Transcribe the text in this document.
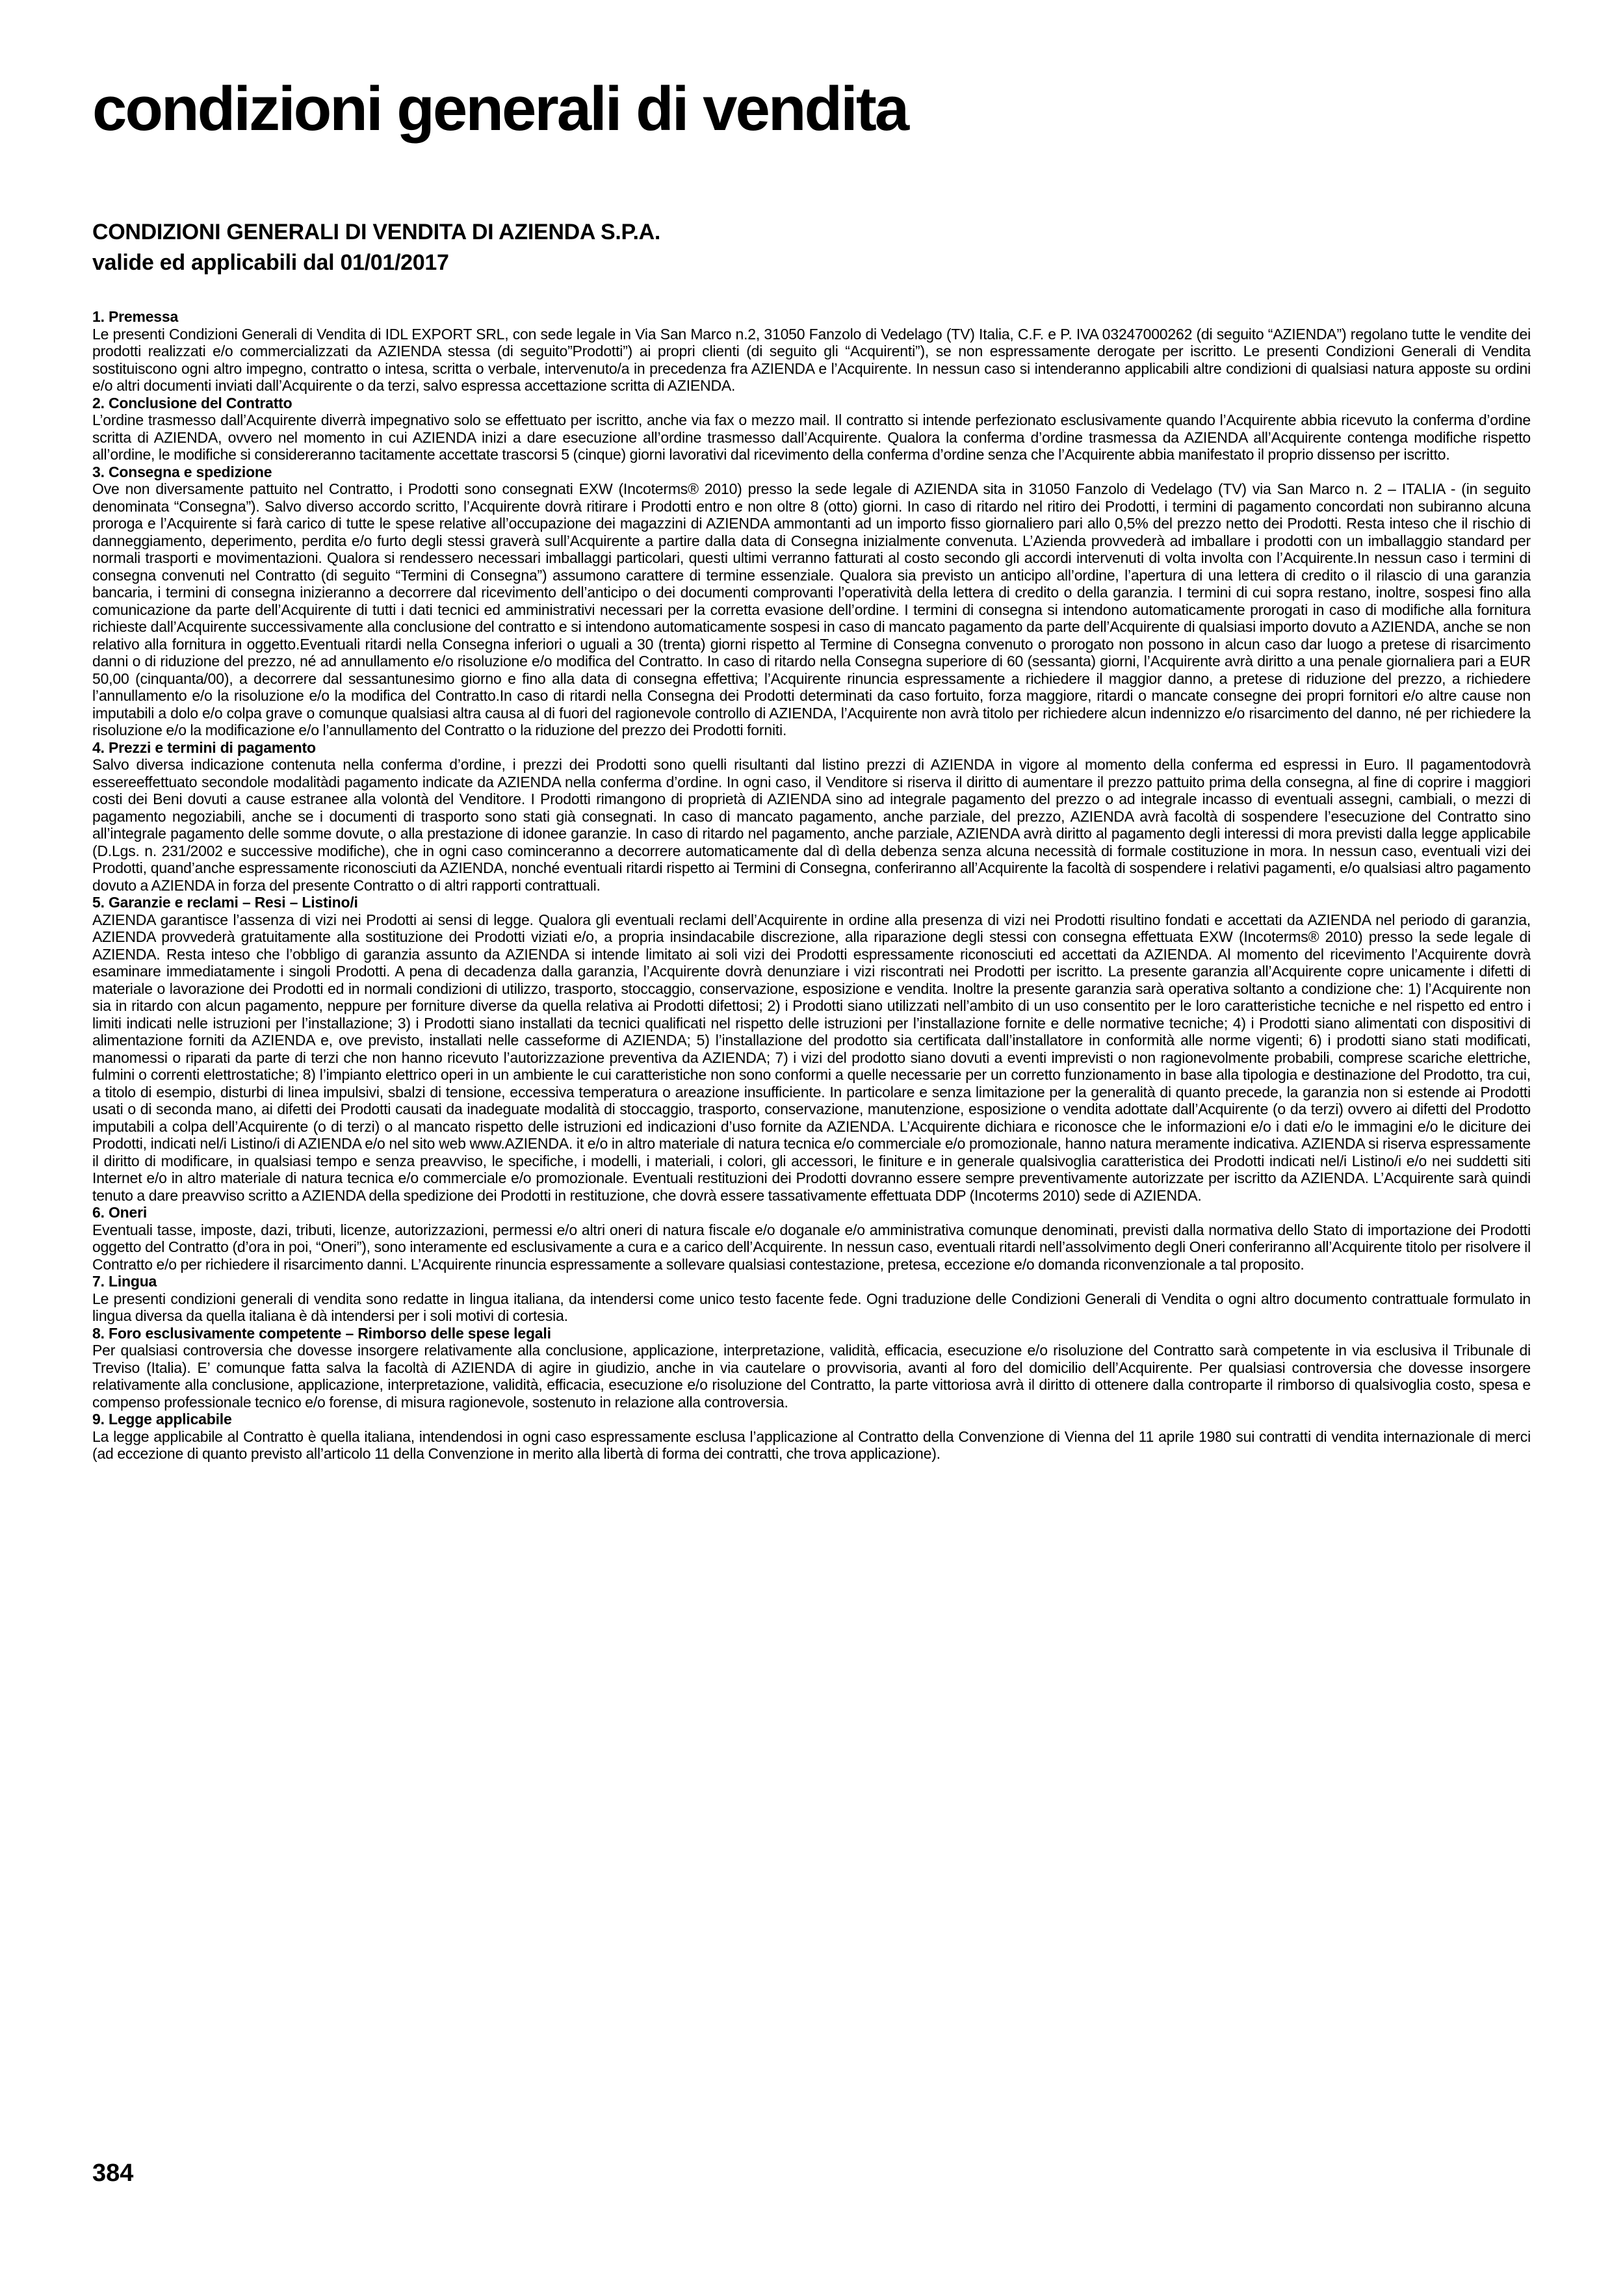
condizioni generali di vendita
CONDIZIONI GENERALI DI VENDITA DI AZIENDA S.P.A.
valide ed applicabili dal 01/01/2017
1. Premessa

Le presenti Condizioni Generali di Vendita di IDL EXPORT SRL, con sede legale in Via San Marco n.2, 31050 Fanzolo di Vedelago (TV) Italia, C.F. e P. IVA 03247000262 (di seguito “AZIENDA”) regolano tutte le vendite dei prodotti realizzati e/o commercializzati da AZIENDA stessa (di seguito”Prodotti”) ai propri clienti (di seguito gli “Acquirenti”), se non espressamente derogate per iscritto. Le presenti Condizioni Generali di Vendita sostituiscono ogni altro impegno, contratto o intesa, scritta o verbale, intervenuto/a in precedenza fra AZIENDA e l’Acquirente. In nessun caso si intenderanno applicabili altre condizioni di qualsiasi natura apposte su ordini e/o altri documenti inviati dall’Acquirente o da terzi, salvo espressa accettazione scritta di AZIENDA.

2. Conclusione del Contratto

L’ordine trasmesso dall’Acquirente diverrà impegnativo solo se effettuato per iscritto, anche via fax o mezzo mail. Il contratto si intende perfezionato esclusivamente quando l’Acquirente abbia ricevuto la conferma d’ordine scritta di AZIENDA, ovvero nel momento in cui AZIENDA inizi a dare esecuzione all’ordine trasmesso dall’Acquirente. Qualora la conferma d’ordine trasmessa da AZIENDA all’Acquirente contenga modifiche rispetto all’ordine, le modifiche si considereranno tacitamente accettate trascorsi 5 (cinque) giorni lavorativi dal ricevimento della conferma d’ordine senza che l’Acquirente abbia manifestato il proprio dissenso per iscritto.

3. Consegna e spedizione

Ove non diversamente pattuito nel Contratto, i Prodotti sono consegnati EXW (Incoterms® 2010) presso la sede legale di AZIENDA sita in 31050 Fanzolo di Vedelago (TV) via San Marco n. 2 – ITALIA - (in seguito denominata “Consegna”). Salvo diverso accordo scritto, l’Acquirente dovrà ritirare i Prodotti entro e non oltre 8 (otto) giorni. In caso di ritardo nel ritiro dei Prodotti, i termini di pagamento concordati non subiranno alcuna proroga e l’Acquirente si farà carico di tutte le spese relative all’occupazione dei magazzini di AZIENDA ammontanti ad un importo fisso giornaliero pari allo 0,5% del prezzo netto dei Prodotti. Resta inteso che il rischio di danneggiamento, deperimento, perdita e/o furto degli stessi graverà sull’Acquirente a partire dalla data di Consegna inizialmente convenuta. L’Azienda provvederà ad imballare i prodotti con un imballaggio standard per normali trasporti e movimentazioni. Qualora si rendessero necessari imballaggi particolari, questi ultimi verranno fatturati al costo secondo gli accordi intervenuti di volta involta con l’Acquirente.In nessun caso i termini di consegna convenuti nel Contratto (di seguito “Termini di Consegna”) assumono carattere di termine essenziale. Qualora sia previsto un anticipo all’ordine, l’apertura di una lettera di credito o il rilascio di una garanzia bancaria, i termini di consegna inizieranno a decorrere dal ricevimento dell’anticipo o dei documenti comprovanti l’operatività della lettera di credito o della garanzia. I termini di cui sopra restano, inoltre, sospesi fino alla comunicazione da parte dell’Acquirente di tutti i dati tecnici ed amministrativi necessari per la corretta evasione dell’ordine. I termini di consegna si intendono automaticamente prorogati in caso di modifiche alla fornitura richieste dall’Acquirente successivamente alla conclusione del contratto e si intendono automaticamente sospesi in caso di mancato pagamento da parte dell’Acquirente di qualsiasi importo dovuto a AZIENDA, anche se non relativo alla fornitura in oggetto.Eventuali ritardi nella Consegna inferiori o uguali a 30 (trenta) giorni rispetto al Termine di Consegna convenuto o prorogato non possono in alcun caso dar luogo a pretese di risarcimento danni o di riduzione del prezzo, né ad annullamento e/o risoluzione e/o modifica del Contratto. In caso di ritardo nella Consegna superiore di 60 (sessanta) giorni, l’Acquirente avrà diritto a una penale giornaliera pari a EUR 50,00 (cinquanta/00), a decorrere dal sessantunesimo giorno e fino alla data di consegna effettiva; l’Acquirente rinuncia espressamente a richiedere il maggior danno, a pretese di riduzione del prezzo, a richiedere l’annullamento e/o la risoluzione e/o la modifica del Contratto.In caso di ritardi nella Consegna dei Prodotti determinati da caso fortuito, forza maggiore, ritardi o mancate consegne dei propri fornitori e/o altre cause non imputabili a dolo e/o colpa grave o comunque qualsiasi altra causa al di fuori del ragionevole controllo di AZIENDA, l’Acquirente non avrà titolo per richiedere alcun indennizzo e/o risarcimento del danno, né per richiedere la risoluzione e/o la modificazione e/o l’annullamento del Contratto o la riduzione del prezzo dei Prodotti forniti.

4. Prezzi e termini di pagamento

Salvo diversa indicazione contenuta nella conferma d’ordine, i prezzi dei Prodotti sono quelli risultanti dal listino prezzi di AZIENDA in vigore al momento della conferma ed espressi in Euro. Il pagamentodovrà essereeffettuato secondole modalitàdi pagamento indicate da AZIENDA nella conferma d’ordine. In ogni caso, il Venditore si riserva il diritto di aumentare il prezzo pattuito prima della consegna, al fine di coprire i maggiori costi dei Beni dovuti a cause estranee alla volontà del Venditore. I Prodotti rimangono di proprietà di AZIENDA sino ad integrale pagamento del prezzo o ad integrale incasso di eventuali assegni, cambiali, o mezzi di pagamento negoziabili, anche se i documenti di trasporto sono stati già consegnati. In caso di mancato pagamento, anche parziale, del prezzo, AZIENDA avrà facoltà di sospendere l’esecuzione del Contratto sino all’integrale pagamento delle somme dovute, o alla prestazione di idonee garanzie. In caso di ritardo nel pagamento, anche parziale, AZIENDA avrà diritto al pagamento degli interessi di mora previsti dalla legge applicabile (D.Lgs. n. 231/2002 e successive modifiche), che in ogni caso cominceranno a decorrere automaticamente dal dì della debenza senza alcuna necessità di formale costituzione in mora. In nessun caso, eventuali vizi dei Prodotti, quand’anche espressamente riconosciuti da AZIENDA, nonché eventuali ritardi rispetto ai Termini di Consegna, conferiranno all’Acquirente la facoltà di sospendere i relativi pagamenti, e/o qualsiasi altro pagamento dovuto a AZIENDA in forza del presente Contratto o di altri rapporti contrattuali.

5. Garanzie e reclami – Resi – Listino/i

AZIENDA garantisce l’assenza di vizi nei Prodotti ai sensi di legge. Qualora gli eventuali reclami dell’Acquirente in ordine alla presenza di vizi nei Prodotti risultino fondati e accettati da AZIENDA nel periodo di garanzia, AZIENDA provvederà gratuitamente alla sostituzione dei Prodotti viziati e/o, a propria insindacabile discrezione, alla riparazione degli stessi con consegna effettuata EXW (Incoterms® 2010) presso la sede legale di AZIENDA. Resta inteso che l’obbligo di garanzia assunto da AZIENDA si intende limitato ai soli vizi dei Prodotti espressamente riconosciuti ed accettati da AZIENDA. Al momento del ricevimento l’Acquirente dovrà esaminare immediatamente i singoli Prodotti. A pena di decadenza dalla garanzia, l’Acquirente dovrà denunziare i vizi riscontrati nei Prodotti per iscritto. La presente garanzia all’Acquirente copre unicamente i difetti di materiale o lavorazione dei Prodotti ed in normali condizioni di utilizzo, trasporto, stoccaggio, conservazione, esposizione e vendita. Inoltre la presente garanzia sarà operativa soltanto a condizione che: 1) l’Acquirente non sia in ritardo con alcun pagamento, neppure per forniture diverse da quella relativa ai Prodotti difettosi; 2) i Prodotti siano utilizzati nell’ambito di un uso consentito per le loro caratteristiche tecniche e nel rispetto ed entro i limiti indicati nelle istruzioni per l’installazione; 3) i Prodotti siano installati da tecnici qualificati nel rispetto delle istruzioni per l’installazione fornite e delle normative tecniche; 4) i Prodotti siano alimentati con dispositivi di alimentazione forniti da AZIENDA e, ove previsto, installati nelle casseforme di AZIENDA; 5) l’installazione del prodotto sia certificata dall’installatore in conformità alle norme vigenti; 6) i prodotti siano stati modificati, manomessi o riparati da parte di terzi che non hanno ricevuto l’autorizzazione preventiva da AZIENDA; 7) i vizi del prodotto siano dovuti a eventi imprevisti o non ragionevolmente probabili, comprese scariche elettriche, fulmini o correnti elettrostatiche; 8) l’impianto elettrico operi in un ambiente le cui caratteristiche non sono conformi a quelle necessarie per un corretto funzionamento in base alla tipologia e destinazione del Prodotto, tra cui, a titolo di esempio, disturbi di linea impulsivi, sbalzi di tensione, eccessiva temperatura o areazione insufficiente. In particolare e senza limitazione per la generalità di quanto precede, la garanzia non si estende ai Prodotti usati o di seconda mano, ai difetti dei Prodotti causati da inadeguate modalità di stoccaggio, trasporto, conservazione, manutenzione, esposizione o vendita adottate dall’Acquirente (o da terzi) ovvero ai difetti del Prodotto imputabili a colpa dell’Acquirente (o di terzi) o al mancato rispetto delle istruzioni ed indicazioni d’uso fornite da AZIENDA. L’Acquirente dichiara e riconosce che le informazioni e/o i dati e/o le immagini e/o le diciture dei Prodotti, indicati nel/i Listino/i di AZIENDA e/o nel sito web www.AZIENDA. it e/o in altro materiale di natura tecnica e/o commerciale e/o promozionale, hanno natura meramente indicativa. AZIENDA si riserva espressamente il diritto di modificare, in qualsiasi tempo e senza preavviso, le specifiche, i modelli, i materiali, i colori, gli accessori, le finiture e in generale qualsivoglia caratteristica dei Prodotti indicati nel/i Listino/i e/o nei suddetti siti Internet e/o in altro materiale di natura tecnica e/o commerciale e/o promozionale. Eventuali restituzioni dei Prodotti dovranno essere sempre preventivamente autorizzate per iscritto da AZIENDA. L’Acquirente sarà quindi tenuto a dare preavviso scritto a AZIENDA della spedizione dei Prodotti in restituzione, che dovrà essere tassativamente effettuata DDP (Incoterms 2010) sede di AZIENDA.

6. Oneri

Eventuali tasse, imposte, dazi, tributi, licenze, autorizzazioni, permessi e/o altri oneri di natura fiscale e/o doganale e/o amministrativa comunque denominati, previsti dalla normativa dello Stato di importazione dei Prodotti oggetto del Contratto (d’ora in poi, “Oneri”), sono interamente ed esclusivamente a cura e a carico dell’Acquirente. In nessun caso, eventuali ritardi nell’assolvimento degli Oneri conferiranno all’Acquirente titolo per risolvere il Contratto e/o per richiedere il risarcimento danni. L’Acquirente rinuncia espressamente a sollevare qualsiasi contestazione, pretesa, eccezione e/o domanda riconvenzionale a tal proposito.

7. Lingua

Le presenti condizioni generali di vendita sono redatte in lingua italiana, da intendersi come unico testo facente fede. Ogni traduzione delle Condizioni Generali di Vendita o ogni altro documento contrattuale formulato in lingua diversa da quella italiana è dà intendersi per i soli motivi di cortesia.

8. Foro esclusivamente competente – Rimborso delle spese legali

Per qualsiasi controversia che dovesse insorgere relativamente alla conclusione, applicazione, interpretazione, validità, efficacia, esecuzione e/o risoluzione del Contratto sarà competente in via esclusiva il Tribunale di Treviso (Italia). E’ comunque fatta salva la facoltà di AZIENDA di agire in giudizio, anche in via cautelare o provvisoria, avanti al foro del domicilio dell’Acquirente. Per qualsiasi controversia che dovesse insorgere relativamente alla conclusione, applicazione, interpretazione, validità, efficacia, esecuzione e/o risoluzione del Contratto, la parte vittoriosa avrà il diritto di ottenere dalla controparte il rimborso di qualsivoglia costo, spesa e compenso professionale tecnico e/o forense, di misura ragionevole, sostenuto in relazione alla controversia.

9. Legge applicabile

La legge applicabile al Contratto è quella italiana, intendendosi in ogni caso espressamente esclusa l’applicazione al Contratto della Convenzione di Vienna del 11 aprile 1980 sui contratti di vendita internazionale di merci (ad eccezione di quanto previsto all’articolo 11 della Convenzione in merito alla libertà di forma dei contratti, che trova applicazione).

384
